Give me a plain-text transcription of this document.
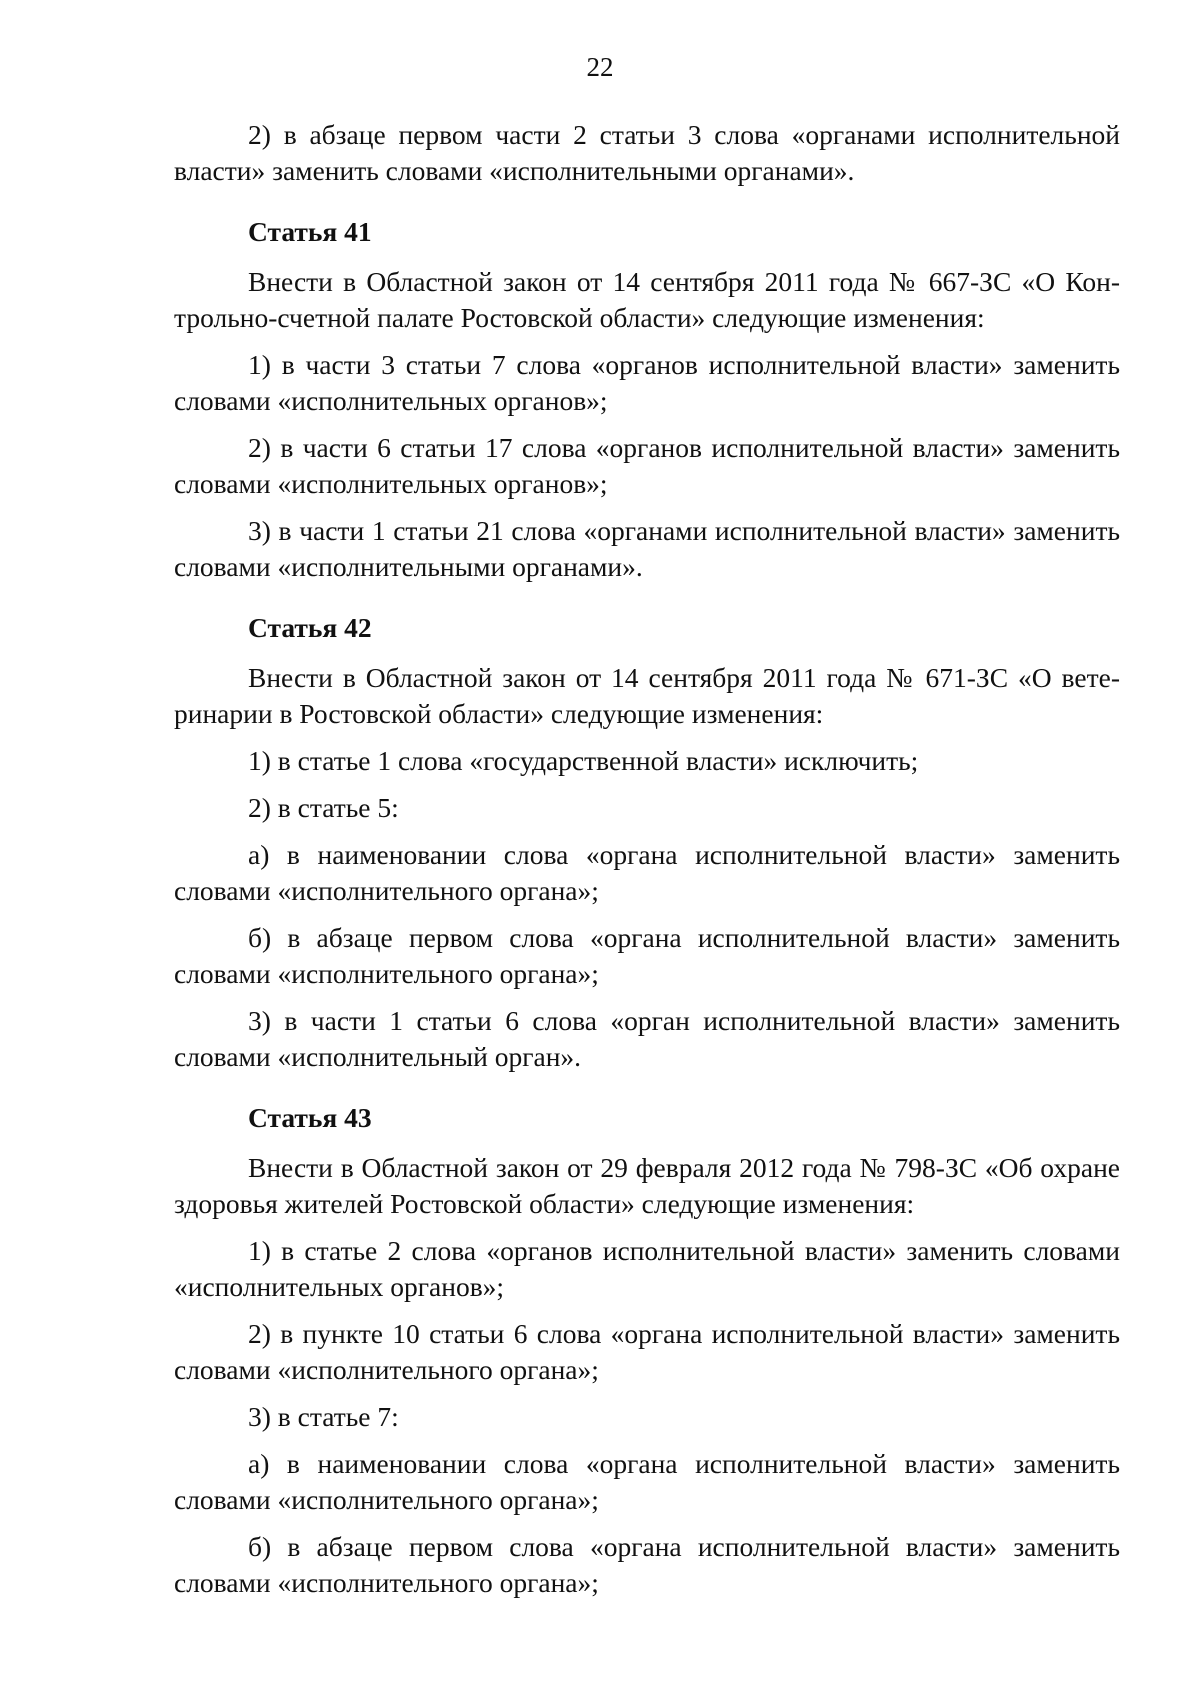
22

2) в абзаце первом части 2 статьи 3 слова «органами исполнительной власти» заменить словами «исполнительными органами».

Статья 41

Внести в Областной закон от 14 сентября 2011 года № 667-ЗС «О Контрольно-счетной палате Ростовской области» следующие изменения:

1) в части 3 статьи 7 слова «органов исполнительной власти» заменить словами «исполнительных органов»;

2) в части 6 статьи 17 слова «органов исполнительной власти» заменить словами «исполнительных органов»;

3) в части 1 статьи 21 слова «органами исполнительной власти» заменить словами «исполнительными органами».

Статья 42

Внести в Областной закон от 14 сентября 2011 года № 671-ЗС «О ветеринарии в Ростовской области» следующие изменения:

1) в статье 1 слова «государственной власти» исключить;

2) в статье 5:

а) в наименовании слова «органа исполнительной власти» заменить словами «исполнительного органа»;

б) в абзаце первом слова «органа исполнительной власти» заменить словами «исполнительного органа»;

3) в части 1 статьи 6 слова «орган исполнительной власти» заменить словами «исполнительный орган».

Статья 43

Внести в Областной закон от 29 февраля 2012 года № 798-ЗС «Об охране здоровья жителей Ростовской области» следующие изменения:

1) в статье 2 слова «органов исполнительной власти» заменить словами «исполнительных органов»;

2) в пункте 10 статьи 6 слова «органа исполнительной власти» заменить словами «исполнительного органа»;

3) в статье 7:

а) в наименовании слова «органа исполнительной власти» заменить словами «исполнительного органа»;

б) в абзаце первом слова «органа исполнительной власти» заменить словами «исполнительного органа»;
